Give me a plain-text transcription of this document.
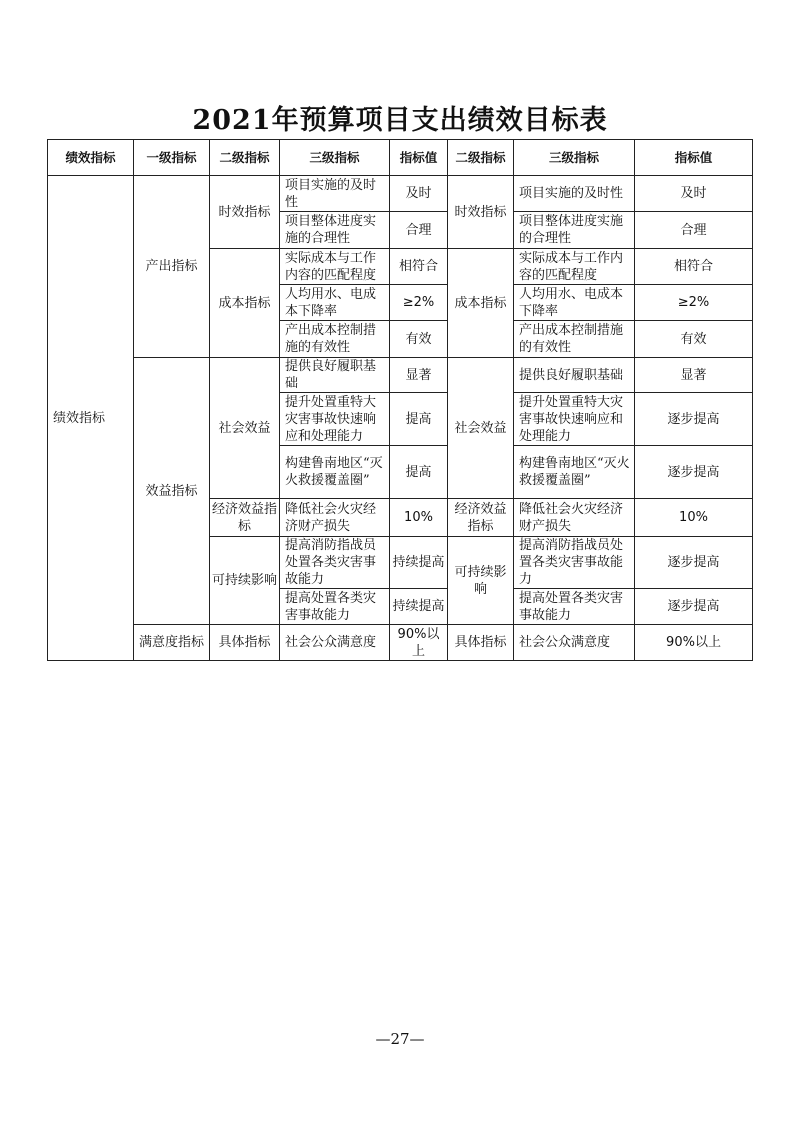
2021年预算项目支出绩效目标表
绩效指标	一级指标	二级指标	三级指标	指标值	二级指标	三级指标	指标值
绩效指标	产出指标	时效指标	项目实施的及时性	及时	时效指标	项目实施的及时性	及时
			项目整体进度实施的合理性	合理		项目整体进度实施的合理性	合理
		成本指标	实际成本与工作内容的匹配程度	相符合	成本指标	实际成本与工作内容的匹配程度	相符合
			人均用水、电成本下降率	≥2%		人均用水、电成本下降率	≥2%
			产出成本控制措施的有效性	有效		产出成本控制措施的有效性	有效
	效益指标	社会效益	提供良好履职基础	显著	社会效益	提供良好履职基础	显著
			提升处置重特大灾害事故快速响应和处理能力	提高		提升处置重特大灾害事故快速响应和处理能力	逐步提高
			构建鲁南地区“灭火救援覆盖圈”	提高		构建鲁南地区“灭火救援覆盖圈”	逐步提高
		经济效益指标	降低社会火灾经济财产损失	10%	经济效益指标	降低社会火灾经济财产损失	10%
		可持续影响	提高消防指战员处置各类灾害事故能力	持续提高	可持续影响	提高消防指战员处置各类灾害事故能力	逐步提高
			提高处置各类灾害事故能力	持续提高		提高处置各类灾害事故能力	逐步提高
	满意度指标	具体指标	社会公众满意度	90%以上	具体指标	社会公众满意度	90%以上
—27—
